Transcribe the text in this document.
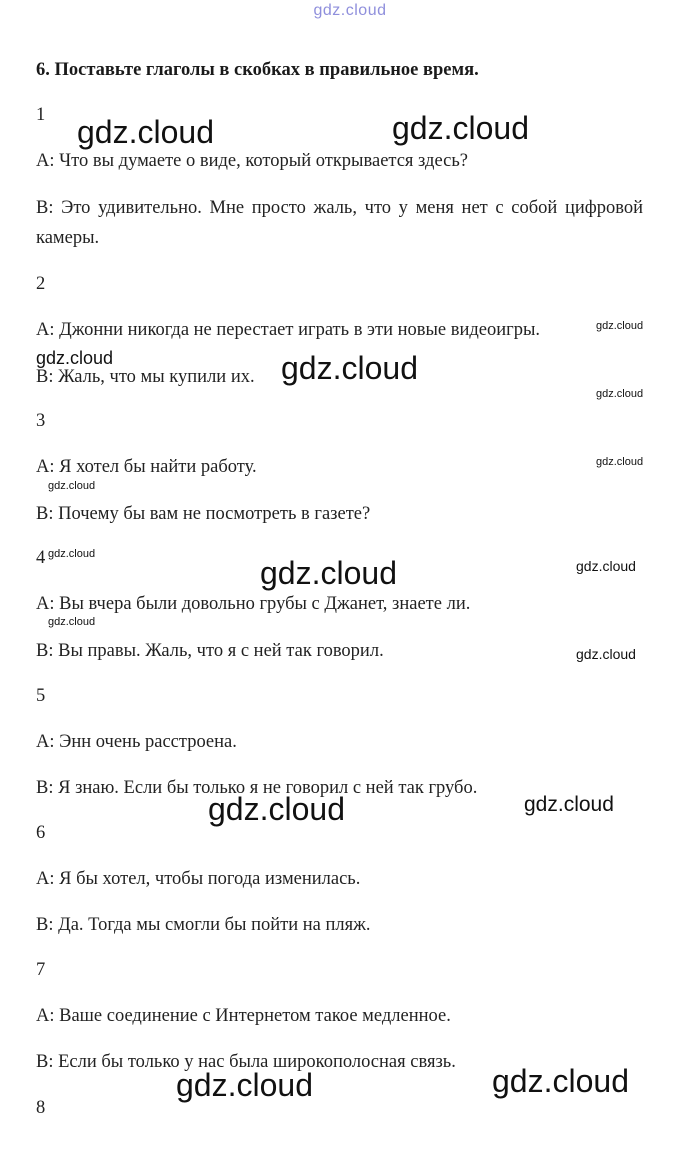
gdz.cloud
6. Поставьте глаголы в скобках в правильное время.
1
A: Что вы думаете о виде, который открывается здесь?
B: Это удивительно. Мне просто жаль, что у меня нет с собой цифровой камеры.
2
A: Джонни никогда не перестает играть в эти новые видеоигры.
B: Жаль, что мы купили их.
3
A: Я хотел бы найти работу.
B: Почему бы вам не посмотреть в газете?
4
A: Вы вчера были довольно грубы с Джанет, знаете ли.
B: Вы правы. Жаль, что я с ней так говорил.
5
A: Энн очень расстроена.
B: Я знаю. Если бы только я не говорил с ней так грубо.
6
A: Я бы хотел, чтобы погода изменилась.
B: Да. Тогда мы смогли бы пойти на пляж.
7
A: Ваше соединение с Интернетом такое медленное.
B: Если бы только у нас была широкополосная связь.
8
gdz.cloud	gdz.cloud
gdz.cloud
gdz.cloud	gdz.cloud
gdz.cloud
gdz.cloud
gdz.cloud
gdz.cloud
gdz.cloud	gdz.cloud
gdz.cloud
gdz.cloud
gdz.cloud	gdz.cloud
gdz.cloud	gdz.cloud
